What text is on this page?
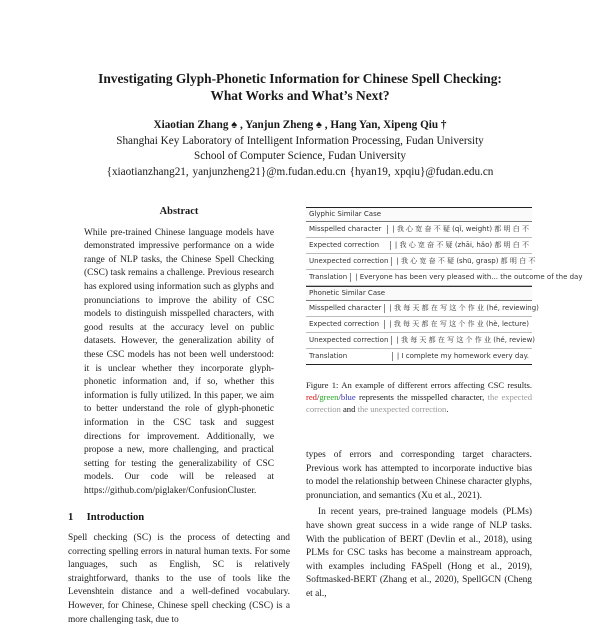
Investigating Glyph-Phonetic Information for Chinese Spell Checking:
What Works and What’s Next?
Xiaotian Zhang ♠ , Yanjun Zheng ♠ , Hang Yan, Xipeng Qiu †
Shanghai Key Laboratory of Intelligent Information Processing, Fudan University
School of Computer Science, Fudan University
{xiaotianzhang21, yanjunzheng21}@m.fudan.edu.cn {hyan19, xpqiu}@fudan.edu.cn
Abstract
While pre-trained Chinese language models have demonstrated impressive performance on a wide range of NLP tasks, the Chinese Spell Checking (CSC) task remains a challenge. Previous research has explored using information such as glyphs and pronunciations to improve the ability of CSC models to distinguish misspelled characters, with good results at the accuracy level on public datasets. However, the generalization ability of these CSC models has not been well understood: it is unclear whether they incorporate glyph-phonetic information and, if so, whether this information is fully utilized. In this paper, we aim to better understand the role of glyph-phonetic information in the CSC task and suggest directions for improvement. Additionally, we propose a new, more challenging, and practical setting for testing the generalizability of CSC models. Our code will be released at https://github.com/piglaker/ConfusionCluster.
1 Introduction
Spell checking (SC) is the process of detecting and correcting spelling errors in natural human texts. For some languages, such as English, SC is relatively straightforward, thanks to the use of tools like the Levenshtein distance and a well-defined vocabulary. However, for Chinese, Chinese spell checking (CSC) is a more challenging task, due to
Glyphic Similar Case
Misspelled character	| 我 心 宽 奋 不 疑 (qǐ, weight) 都 明 白 不
Expected correction	| 我 心 宽 奋 不 疑 (zhāi, hǎo) 都 明 白 不
Unexpected correction	| 我 心 宽 奋 不 疑 (shū, grasp) 都 明 白 不
Translation	| Everyone has been very pleased with... the outcome of the day
Phonetic Similar Case
Misspelled character	| 我 每 天 都 在 写 这 个 作 业 (hé, reviewing)
Expected correction	| 我 每 天 都 在 写 这 个 作 业 (hè, lecture)
Unexpected correction	| 我 每 天 都 在 写 这 个 作 业 (hé, review)
Translation	| I complete my homework every day.
Figure 1: An example of different errors affecting CSC results. red/green/blue represents the misspelled character, the expected correction and the unexpected correction.
types of errors and corresponding target characters. Previous work has attempted to incorporate inductive bias to model the relationship between Chinese character glyphs, pronunciation, and semantics (Xu et al., 2021).
In recent years, pre-trained language models (PLMs) have shown great success in a wide range of NLP tasks. With the publication of BERT (Devlin et al., 2018), using PLMs for CSC tasks has become a mainstream approach, with examples including FASpell (Hong et al., 2019), Softmasked-BERT (Zhang et al., 2020), SpellGCN (Cheng et al.,
